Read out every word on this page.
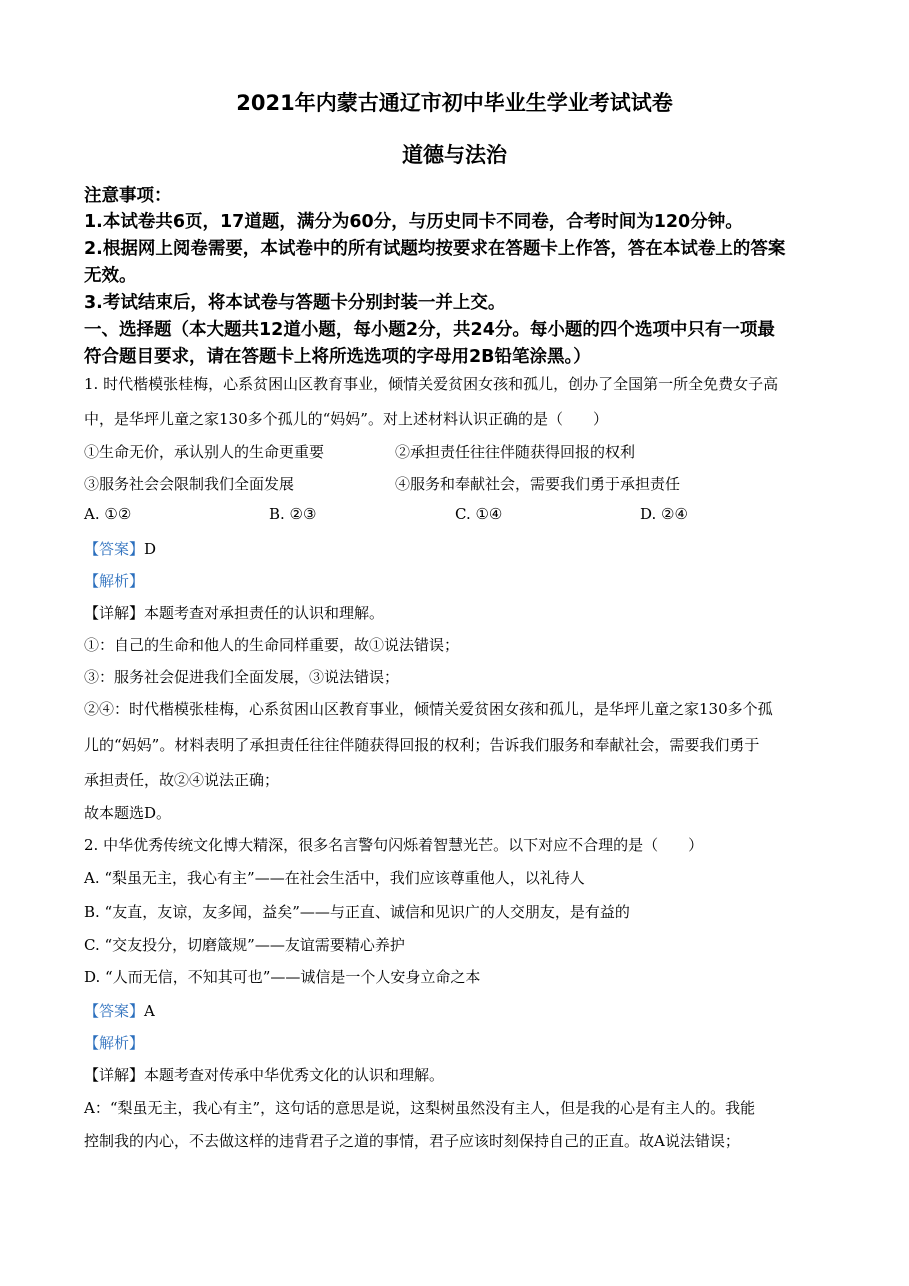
2021年内蒙古通辽市初中毕业生学业考试试卷
道德与法治
注意事项：
1.本试卷共6页，17道题，满分为60分，与历史同卡不同卷，合考时间为120分钟。
2.根据网上阅卷需要，本试卷中的所有试题均按要求在答题卡上作答，答在本试卷上的答案
无效。
3.考试结束后，将本试卷与答题卡分别封装一并上交。
一、选择题（本大题共12道小题，每小题2分，共24分。每小题的四个选项中只有一项最
符合题目要求，请在答题卡上将所选选项的字母用2B铅笔涂黑。）
1. 时代楷模张桂梅，心系贫困山区教育事业，倾情关爱贫困女孩和孤儿，创办了全国第一所全免费女子高
中，是华坪儿童之家130多个孤儿的“妈妈”。对上述材料认识正确的是（　　）
①生命无价，承认别人的生命更重要	②承担责任往往伴随获得回报的权利
③服务社会会限制我们全面发展	④服务和奉献社会，需要我们勇于承担责任
A. ①②	B. ②③	C. ①④	D. ②④
【答案】D
【解析】
【详解】本题考查对承担责任的认识和理解。
①：自己的生命和他人的生命同样重要，故①说法错误；
③：服务社会促进我们全面发展，③说法错误；
②④：时代楷模张桂梅，心系贫困山区教育事业，倾情关爱贫困女孩和孤儿，是华坪儿童之家130多个孤
儿的“妈妈”。材料表明了承担责任往往伴随获得回报的权利；告诉我们服务和奉献社会，需要我们勇于
承担责任，故②④说法正确；
故本题选D。
2. 中华优秀传统文化博大精深，很多名言警句闪烁着智慧光芒。以下对应不合理的是（　　）
A. “梨虽无主，我心有主”——在社会生活中，我们应该尊重他人，以礼待人
B. “友直，友谅，友多闻，益矣”——与正直、诚信和见识广的人交朋友，是有益的
C. “交友投分，切磨箴规”——友谊需要精心养护
D. “人而无信，不知其可也”——诚信是一个人安身立命之本
【答案】A
【解析】
【详解】本题考查对传承中华优秀文化的认识和理解。
A：“梨虽无主，我心有主”，这句话的意思是说，这梨树虽然没有主人，但是我的心是有主人的。我能
控制我的内心，不去做这样的违背君子之道的事情，君子应该时刻保持自己的正直。故A说法错误；
